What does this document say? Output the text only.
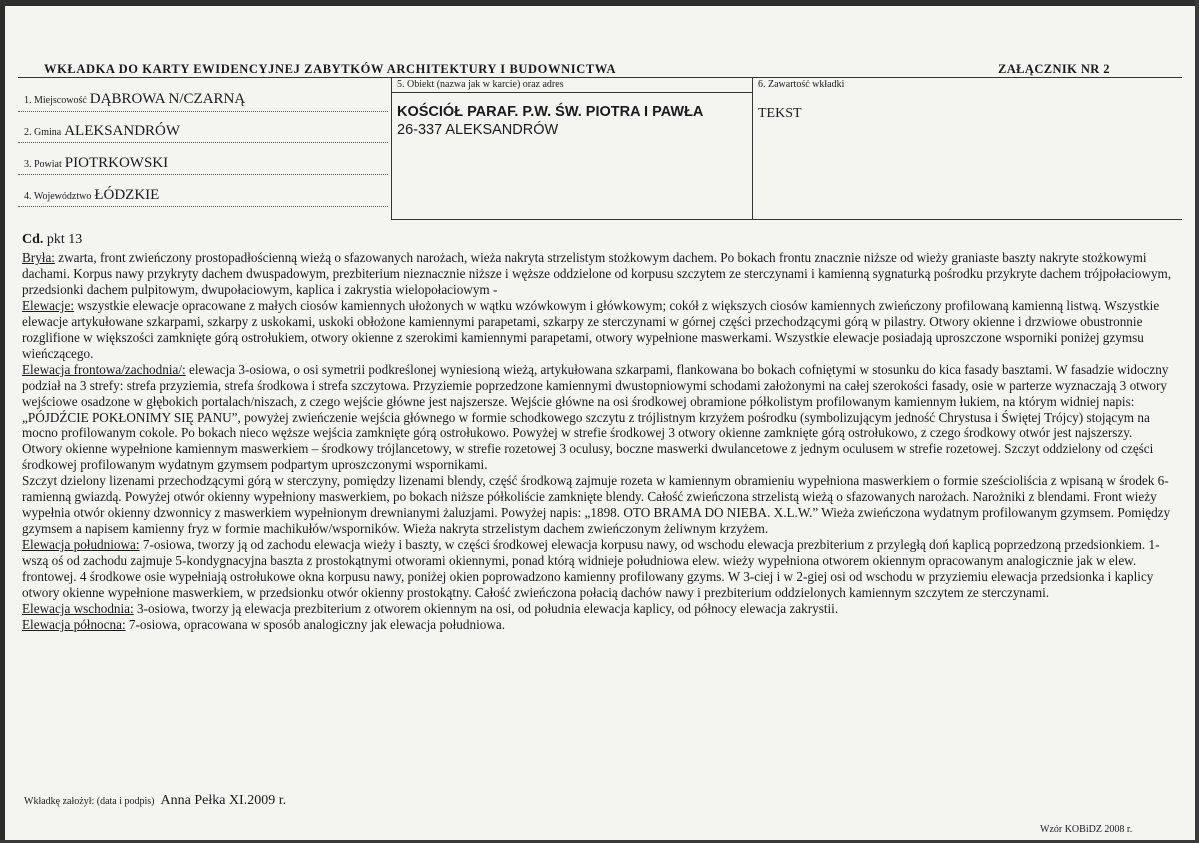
WKŁADKA DO KARTY EWIDENCYJNEJ ZABYTKÓW ARCHITEKTURY I BUDOWNICTWA	ZAŁĄCZNIK NR 2
1. Miejscowość DĄBROWA N/CZARNĄ
2. Gmina ALEKSANDRÓW
3. Powiat PIOTRKOWSKI
4. Województwo ŁÓDZKIE
5. Obiekt (nazwa jak w karcie) oraz adres
KOŚCIÓŁ PARAF. P.W. ŚW. PIOTRA I PAWŁA
26-337 ALEKSANDRÓW
6. Zawartość wkładki
TEKST
Cd. pkt 13

Bryła: zwarta, front zwieńczony prostopadłościenną wieżą o sfazowanych narożach, wieża nakryta strzelistym stożkowym dachem. Po bokach frontu znacznie niższe od wieży graniaste baszty nakryte stożkowymi dachami. Korpus nawy przykryty dachem dwuspadowym, prezbiterium nieznacznie niższe i węższe oddzielone od korpusu szczytem ze sterczynami i kamienną sygnaturką pośrodku przykryte dachem trójpołaciowym, przedsionki dachem pulpitowym, dwupołaciowym, kaplica i zakrystia wielopołaciowym -

Elewacje: wszystkie elewacje opracowane z małych ciosów kamiennych ułożonych w wątku wzówkowym i główkowym; cokół z większych ciosów kamiennych zwieńczony profilowaną kamienną listwą. Wszystkie elewacje artykułowane szkarpami, szkarpy z uskokami, uskoki obłożone kamiennymi parapetami, szkarpy ze sterczynami w górnej części przechodzącymi górą w pilastry. Otwory okienne i drzwiowe obustronnie rozglifione w większości zamknięte górą ostrołukiem, otwory okienne z szerokimi kamiennymi parapetami, otwory wypełnione maswerkami. Wszystkie elewacje posiadają uproszczone wsporniki poniżej gzymsu wieńczącego.

Elewacja frontowa/zachodnia/: elewacja 3-osiowa, o osi symetrii podkreślonej wyniesioną wieżą, artykułowana szkarpami, flankowana bo bokach cofniętymi w stosunku do kica fasady basztami. W fasadzie widoczny podział na 3 strefy: strefa przyziemia, strefa środkowa i strefa szczytowa. Przyziemie poprzedzone kamiennymi dwustopniowymi schodami założonymi na całej szerokości fasady, osie w parterze wyznaczają 3 otwory wejściowe osadzone w głębokich portalach/niszach, z czego wejście główne jest najszersze. Wejście główne na osi środkowej obramione półkolistym profilowanym kamiennym łukiem, na którym widniej napis: „PÓJDŹCIE POKŁONIMY SIĘ PANU”, powyżej zwieńczenie wejścia głównego w formie schodkowego szczytu z trójlistnym krzyżem pośrodku (symbolizującym jedność Chrystusa i Świętej Trójcy) stojącym na mocno profilowanym cokole. Po bokach nieco węższe wejścia zamknięte górą ostrołukowo. Powyżej w strefie środkowej 3 otwory okienne zamknięte górą ostrołukowo, z czego środkowy otwór jest najszerszy. Otwory okienne wypełnione kamiennym maswerkiem – środkowy trójlancetowy, w strefie rozetowej 3 oculusy, boczne maswerki dwulancetowe z jednym oculusem w strefie rozetowej. Szczyt oddzielony od części środkowej profilowanym wydatnym gzymsem podpartym uproszczonymi wspornikami.

Szczyt dzielony lizenami przechodzącymi górą w sterczyny, pomiędzy lizenami blendy, część środkową zajmuje rozeta w kamiennym obramieniu wypełniona maswerkiem o formie sześcioliścia z wpisaną w środek 6-ramienną gwiazdą. Powyżej otwór okienny wypełniony maswerkiem, po bokach niższe półkoliście zamknięte blendy. Całość zwieńczona strzelistą wieżą o sfazowanych narożach. Narożniki z blendami. Front wieży wypełnia otwór okienny dzwonnicy z maswerkiem wypełnionym drewnianymi żaluzjami. Powyżej napis: „1898. OTO BRAMA DO NIEBA. X.L.W.” Wieża zwieńczona wydatnym profilowanym gzymsem. Pomiędzy gzymsem a napisem kamienny fryz w formie machikułów/wsporników. Wieża nakryta strzelistym dachem zwieńczonym żeliwnym krzyżem.

Elewacja południowa: 7-osiowa, tworzy ją od zachodu elewacja wieży i baszty, w części środkowej elewacja korpusu nawy, od wschodu elewacja prezbiterium z przyległą doń kaplicą poprzedzoną przedsionkiem. 1-wszą oś od zachodu zajmuje 5-kondygnacyjna baszta z prostokątnymi otworami okiennymi, ponad którą widnieje południowa elew. wieży wypełniona otworem okiennym opracowanym analogicznie jak w elew. frontowej. 4 środkowe osie wypełniają ostrołukowe okna korpusu nawy, poniżej okien poprowadzono kamienny profilowany gzyms. W 3-ciej i w 2-giej osi od wschodu w przyziemiu elewacja przedsionka i kaplicy otwory okienne wypełnione maswerkiem, w przedsionku otwór okienny prostokątny. Całość zwieńczona połacią dachów nawy i prezbiterium oddzielonych kamiennym szczytem ze sterczynami.

Elewacja wschodnia: 3-osiowa, tworzy ją elewacja prezbiterium z otworem okiennym na osi, od południa elewacja kaplicy, od północy elewacja zakrystii.

Elewacja północna: 7-osiowa, opracowana w sposób analogiczny jak elewacja południowa.

Wkładkę założył: (data i podpis) Anna Pełka XI.2009 r.
Wzór KOBiDZ 2008 r.
